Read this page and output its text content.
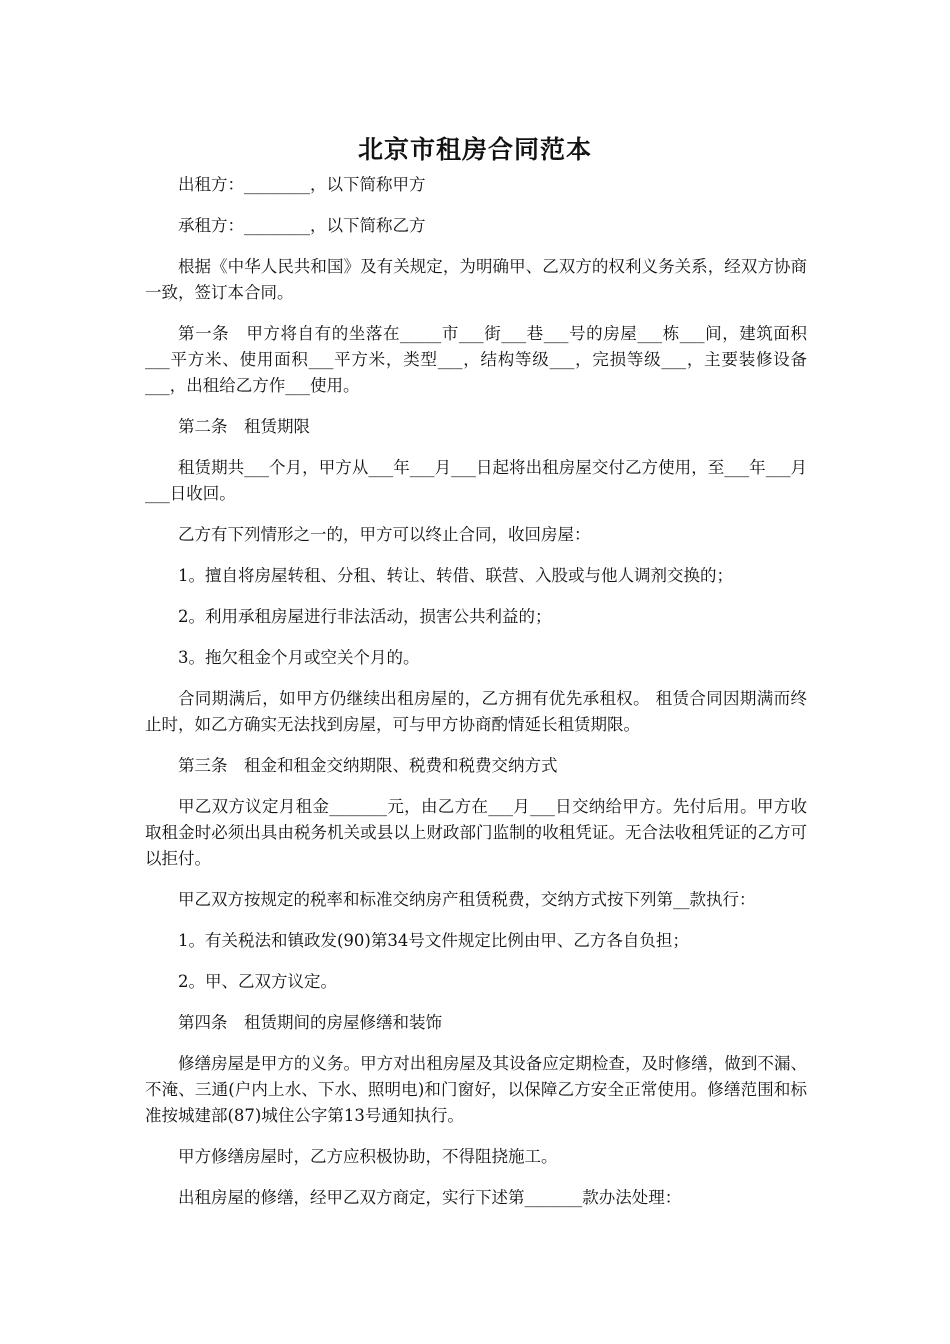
北京市租房合同范本

出租方：________，以下简称甲方

承租方：________，以下简称乙方

根据《中华人民共和国》及有关规定，为明确甲、乙双方的权利义务关系，经双方协商一致，签订本合同。

第一条　甲方将自有的坐落在_____市___街___巷___号的房屋___栋___间，建筑面积___平方米、使用面积___平方米，类型___，结构等级___，完损等级___，主要装修设备___，出租给乙方作___使用。

第二条　租赁期限

租赁期共___个月，甲方从___年___月___日起将出租房屋交付乙方使用，至___年___月___日收回。

乙方有下列情形之一的，甲方可以终止合同，收回房屋：

1。擅自将房屋转租、分租、转让、转借、联营、入股或与他人调剂交换的；

2。利用承租房屋进行非法活动，损害公共利益的；

3。拖欠租金个月或空关个月的。

合同期满后，如甲方仍继续出租房屋的，乙方拥有优先承租权。 租赁合同因期满而终止时，如乙方确实无法找到房屋，可与甲方协商酌情延长租赁期限。

第三条　租金和租金交纳期限、税费和税费交纳方式

甲乙双方议定月租金_______元，由乙方在___月___日交纳给甲方。先付后用。甲方收取租金时必须出具由税务机关或县以上财政部门监制的收租凭证。无合法收租凭证的乙方可以拒付。

甲乙双方按规定的税率和标准交纳房产租赁税费，交纳方式按下列第__款执行：

1。有关税法和镇政发(90)第34号文件规定比例由甲、乙方各自负担；

2。甲、乙双方议定。

第四条　租赁期间的房屋修缮和装饰

修缮房屋是甲方的义务。甲方对出租房屋及其设备应定期检查，及时修缮，做到不漏、不淹、三通(户内上水、下水、照明电)和门窗好，以保障乙方安全正常使用。修缮范围和标准按城建部(87)城住公字第13号通知执行。

甲方修缮房屋时，乙方应积极协助，不得阻挠施工。

出租房屋的修缮，经甲乙双方商定，实行下述第_______款办法处理：
